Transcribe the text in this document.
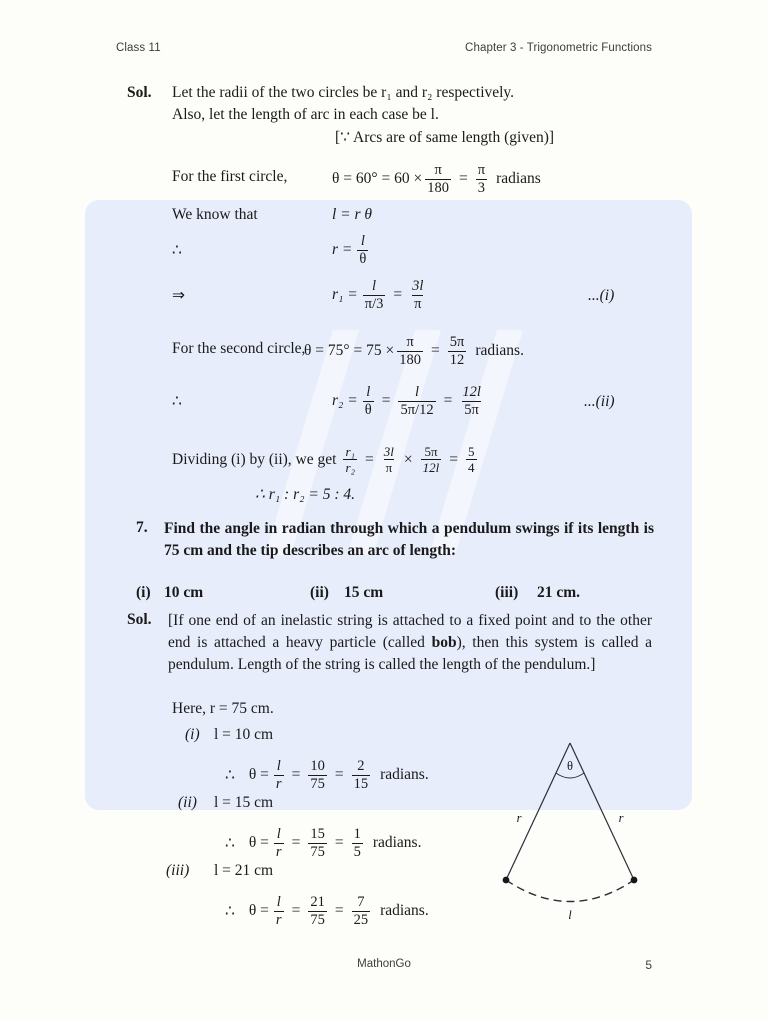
Class 11	Chapter 3 - Trigonometric Functions
Sol. Let the radii of the two circles be r₁ and r₂ respectively.
Also, let the length of arc in each case be l.
[∵ Arcs are of same length (given)]
For the first circle,	$\theta = 60^\circ = 60 \times \frac{\pi}{180} = \frac{\pi}{3}$ radians
We know that	l = r θ
∴	$r = \frac{l}{\theta}$
⇒	$r_1 = \frac{l}{\pi/3} = \frac{3l}{\pi}$	...(i)
For the second circle,
$\theta = 75^\circ = 75 \times \frac{\pi}{180} = \frac{5\pi}{12}$ radians.
∴	$r_2 = \frac{l}{\theta} = \frac{l}{5\pi/12} = \frac{12l}{5\pi}$	...(ii)
Dividing (i) by (ii), we get $\frac{\text{r₁}}{\text{r₂}} = \frac{3l}{\pi} \times \frac{5\pi}{12l} = \frac{5}{4}$
∴ r₁ : r₂ = 5 : 4.
7. Find the angle in radian through which a pendulum swings if its length is 75 cm and the tip describes an arc of length:
(i) 10 cm	(ii) 15 cm	(iii) 21 cm.
Sol. [If one end of an inelastic string is attached to a fixed point and to the other end is attached a heavy particle (called bob), then this system is called a pendulum. Length of the string is called the length of the pendulum.]
Here, r = 75 cm.
(i) l = 10 cm
∴ $\theta = \frac{l}{r} = \frac{10}{75} = \frac{2}{15}$ radians.
(ii) l = 15 cm
∴ $\theta = \frac{l}{r} = \frac{15}{75} = \frac{1}{5}$ radians.
(iii) l = 21 cm
∴ $\theta = \frac{l}{r} = \frac{21}{75} = \frac{7}{25}$ radians.
θ
r	r
l
MathonGo	5
